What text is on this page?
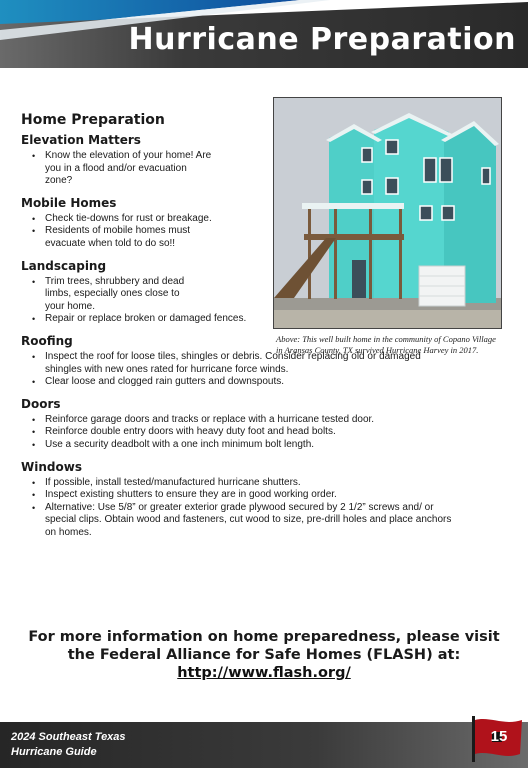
Hurricane Preparation
Above: This well built home in the community of Copano Village in Aransas County, TX survived Hurricane Harvey in 2017.
Home Preparation
Elevation Matters
• Know the elevation of your home! Are you in a flood and/or evacuation zone?
Mobile Homes
• Check tie-downs for rust or breakage.
• Residents of mobile homes must evacuate when told to do so!!
Landscaping
• Trim trees, shrubbery and dead limbs, especially ones close to your home.
• Repair or replace broken or damaged fences.
Roofing
• Inspect the roof for loose tiles, shingles or debris. Consider replacing old or damaged shingles with new ones rated for hurricane force winds.
• Clear loose and clogged rain gutters and downspouts.
Doors
• Reinforce garage doors and tracks or replace with a hurricane tested door.
• Reinforce double entry doors with heavy duty foot and head bolts.
• Use a security deadbolt with a one inch minimum bolt length.
Windows
• If possible, install tested/manufactured hurricane shutters.
• Inspect existing shutters to ensure they are in good working order.
• Alternative: Use 5/8” or greater exterior grade plywood secured by 2 1/2” screws and/ or special clips. Obtain wood and fasteners, cut wood to size, pre-drill holes and place anchors on homes.
For more information on home preparedness, please visit the Federal Alliance for Safe Homes (FLASH) at:
http://www.flash.org/
2024 Southeast Texas
Hurricane Guide
15
